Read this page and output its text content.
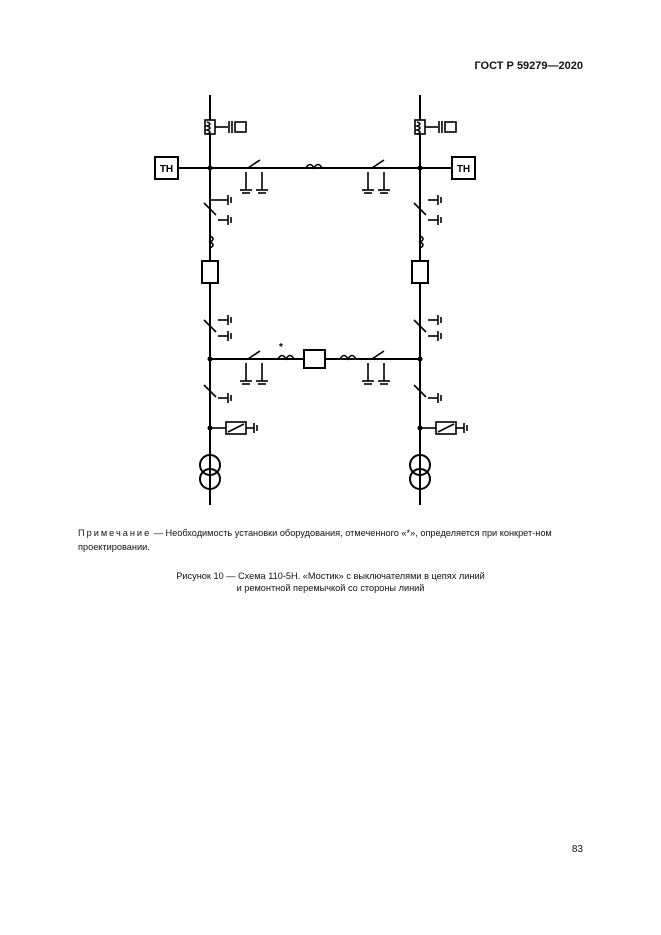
ГОСТ Р 59279—2020
ТН	ТН
*
Примечание — Необходимость установки оборудования, отмеченного «*», определяется при конкрет-ном проектировании.
Рисунок 10 — Схема 110-5Н. «Мостик» с выключателями в цепях линий
и ремонтной перемычкой со стороны линий
83
